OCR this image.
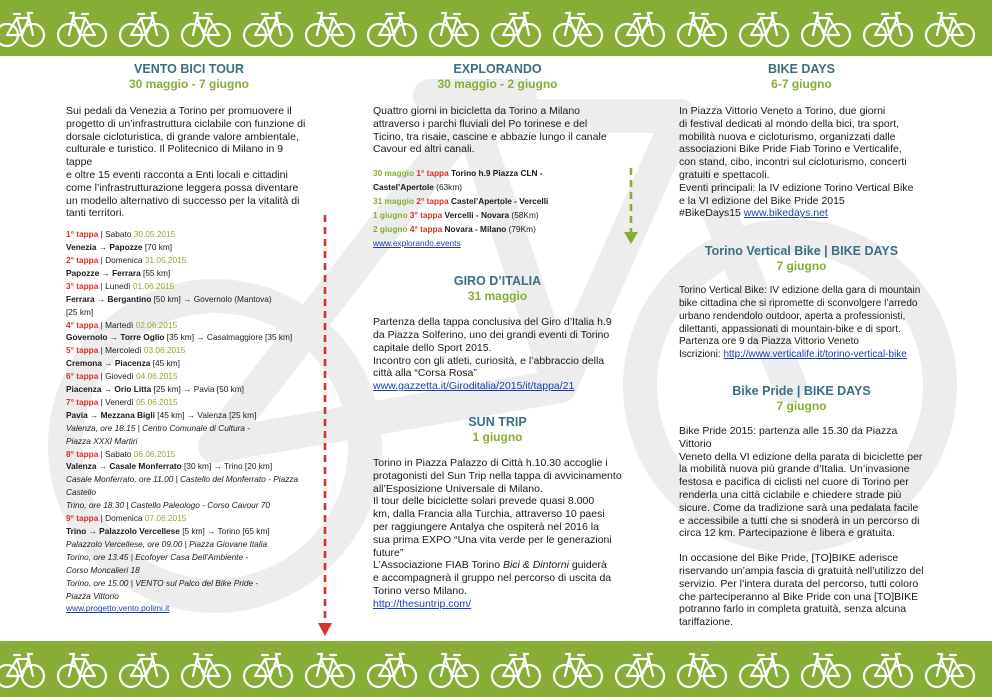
VENTO BICI TOUR

30 maggio - 7 giugno

Sui pedali da Venezia a Torino per promuovere il
progetto di un’infrastruttura ciclabile con funzione di
dorsale cicloturistica, di grande valore ambientale,
culturale e turistico. Il Politecnico di Milano in 9 tappe
e oltre 15 eventi racconta a Enti locali e cittadini
come l’infrastrutturazione leggera possa diventare
un modello alternativo di successo per la vitalità di
tanti territori.

1° tappa | Sabato 30.05.2015
Venezia → Papozze [70 km]
2° tappa | Domenica 31.05.2015
Papozze → Ferrara [55 km]
3° tappa | Lunedì 01.06.2015
Ferrara → Bergantino [50 km] → Governolo (Mantova)
[25 km]
4° tappa | Martedì 02.06.2015
Governolo → Torre Oglio [35 km] → Casalmaggiore [35 km]
5° tappa | Mercoledì 03.06.2015
Cremona → Piacenza [45 km]
6° tappa | Giovedì 04.06.2015
Piacenza → Orio Litta [25 km] → Pavia [50 km]
7° tappa | Venerdì 05.06.2015
Pavia → Mezzana Bigli [45 km] → Valenza [25 km]
Valenza, ore 18.15 | Centro Comunale di Cultura -
Piazza XXXI Martiri
8° tappa | Sabato 06.06.2015
Valenza → Casale Monferrato [30 km] → Trino [20 km]
Casale Monferrato, ore 11.00 | Castello del Monferrato - Piazza
Castello
Trino, ore 18.30 | Castello Paleologo - Corso Cavour 70
9° tappa | Domenica 07.06.2015
Trino → Palazzolo Vercellese [5 km] → Torino [65 km]
Palazzolo Vercellese, ore 09.00 | Piazza Giovane Italia
Torino, ore 13.45 | Ecofoyer Casa Dell’Ambiente -
Corso Moncalieri 18
Torino, ore 15.00 | VENTO sul Palco del Bike Pride -
Piazza Vittorio
www.progetto.vento.polimi.it

EXPLORANDO

30 maggio - 2 giugno

Quattro giorni in bicicletta da Torino a Milano
attraverso i parchi fluviali del Po torinese e del
Ticino, tra risaie, cascine e abbazie lungo il canale
Cavour ed altri canali.

30 maggio 1° tappa Torino h.9 Piazza CLN -
Castel’Apertole (63km)
31 maggio 2° tappa Castel’Apertole - Vercelli
1 giugno 3° tappa Vercelli - Novara (58Km)
2 giugno 4° tappa Novara - Milano (79Km)
www.explorando.events

GIRO D’ITALIA

31 maggio

Partenza della tappa conclusiva del Giro d’Italia h.9
da Piazza Solferino, uno dei grandi eventi di Torino
capitale dello Sport 2015.
Incontro con gli atleti, curiosità, e l’abbraccio della
città alla “Corsa Rosa”
www.gazzetta.it/Giroditalia/2015/it/tappa/21

SUN TRIP

1 giugno

Torino in Piazza Palazzo di Città h.10.30 accoglie i
protagonisti del Sun Trip nella tappa di avvicinamento
all’Esposizione Universale di Milano.
Il tour delle biciclette solari prevede quasi 8.000
km, dalla Francia alla Turchia, attraverso 10 paesi
per raggiungere Antalya che ospiterà nel 2016 la
sua prima EXPO “Una vita verde per le generazioni
future”
L’Associazione FIAB Torino Bici & Dintorni guiderà
e accompagnerà il gruppo nel percorso di uscita da
Torino verso Milano.
http://thesuntrip.com/

BIKE DAYS

6-7 giugno

In Piazza Vittorio Veneto a Torino, due giorni
di festival dedicati al mondo della bici, tra sport,
mobilità nuova e cicloturismo, organizzati dalle
associazioni Bike Pride Fiab Torino e Verticalife,
con stand, cibo, incontri sul cicloturismo, concerti
gratuiti e spettacoli.
Eventi principali: la IV edizione Torino Vertical Bike
e la VI edizione del Bike Pride 2015
#BikeDays15 www.bikedays.net

Torino Vertical Bike | BIKE DAYS

7 giugno

Torino Vertical Bike: IV edizione della gara di mountain
bike cittadina che si ripromette di sconvolgere l’arredo
urbano rendendolo outdoor, aperta a professionisti,
dilettanti, appassionati di mountain-bike e di sport.
Partenza ore 9 da Piazza Vittorio Veneto
Iscrizioni: http://www.verticalife.it/torino-vertical-bike

Bike Pride | BIKE DAYS

7 giugno

Bike Pride 2015: partenza alle 15.30 da Piazza Vittorio
Veneto della VI edizione della parata di biciclette per
la mobilità nuova più grande d’Italia. Un’invasione
festosa e pacifica di ciclisti nel cuore di Torino per
renderla una città ciclabile e chiedere strade più
sicure. Come da tradizione sarà una pedalata facile
e accessibile a tutti che si snoderà in un percorso di
circa 12 km. Partecipazione è libera e gratuita.

In occasione del Bike Pride, [TO]BIKE aderisce
riservando un’ampia fascia di gratuità nell’utilizzo del
servizio. Per l’intera durata del percorso, tutti coloro
che parteciperanno al Bike Pride con una [TO]BIKE
potranno farlo in completa gratuità, senza alcuna
tariffazione.
